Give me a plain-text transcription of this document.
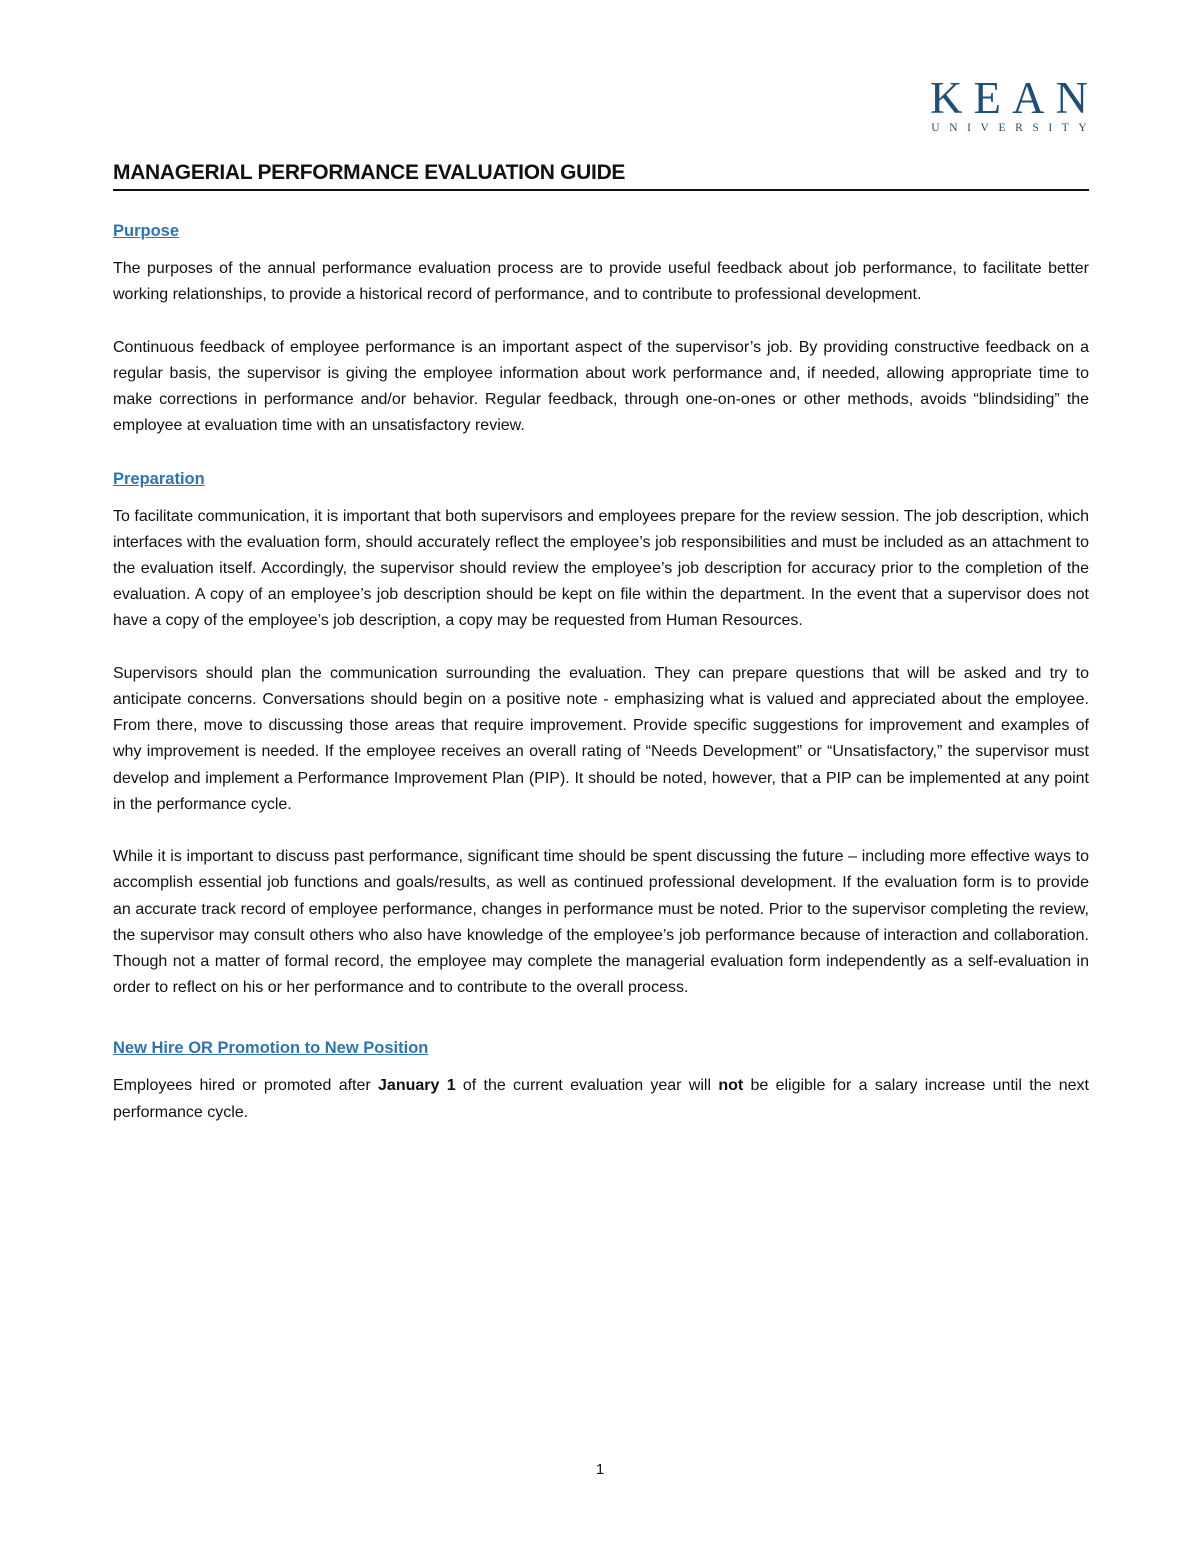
KEAN
UNIVERSITY
MANAGERIAL PERFORMANCE EVALUATION GUIDE
Purpose

The purposes of the annual performance evaluation process are to provide useful feedback about job performance, to facilitate better working relationships, to provide a historical record of performance, and to contribute to professional development.

Continuous feedback of employee performance is an important aspect of the supervisor’s job. By providing constructive feedback on a regular basis, the supervisor is giving the employee information about work performance and, if needed, allowing appropriate time to make corrections in performance and/or behavior. Regular feedback, through one-on-ones or other methods, avoids “blindsiding” the employee at evaluation time with an unsatisfactory review.

Preparation

To facilitate communication, it is important that both supervisors and employees prepare for the review session. The job description, which interfaces with the evaluation form, should accurately reflect the employee’s job responsibilities and must be included as an attachment to the evaluation itself. Accordingly, the supervisor should review the employee’s job description for accuracy prior to the completion of the evaluation. A copy of an employee’s job description should be kept on file within the department. In the event that a supervisor does not have a copy of the employee’s job description, a copy may be requested from Human Resources.

Supervisors should plan the communication surrounding the evaluation. They can prepare questions that will be asked and try to anticipate concerns. Conversations should begin on a positive note - emphasizing what is valued and appreciated about the employee. From there, move to discussing those areas that require improvement. Provide specific suggestions for improvement and examples of why improvement is needed. If the employee receives an overall rating of “Needs Development” or “Unsatisfactory,” the supervisor must develop and implement a Performance Improvement Plan (PIP). It should be noted, however, that a PIP can be implemented at any point in the performance cycle.

While it is important to discuss past performance, significant time should be spent discussing the future – including more effective ways to accomplish essential job functions and goals/results, as well as continued professional development. If the evaluation form is to provide an accurate track record of employee performance, changes in performance must be noted. Prior to the supervisor completing the review, the supervisor may consult others who also have knowledge of the employee’s job performance because of interaction and collaboration. Though not a matter of formal record, the employee may complete the managerial evaluation form independently as a self-evaluation in order to reflect on his or her performance and to contribute to the overall process.

New Hire OR Promotion to New Position

Employees hired or promoted after January 1 of the current evaluation year will not be eligible for a salary increase until the next performance cycle.

1
